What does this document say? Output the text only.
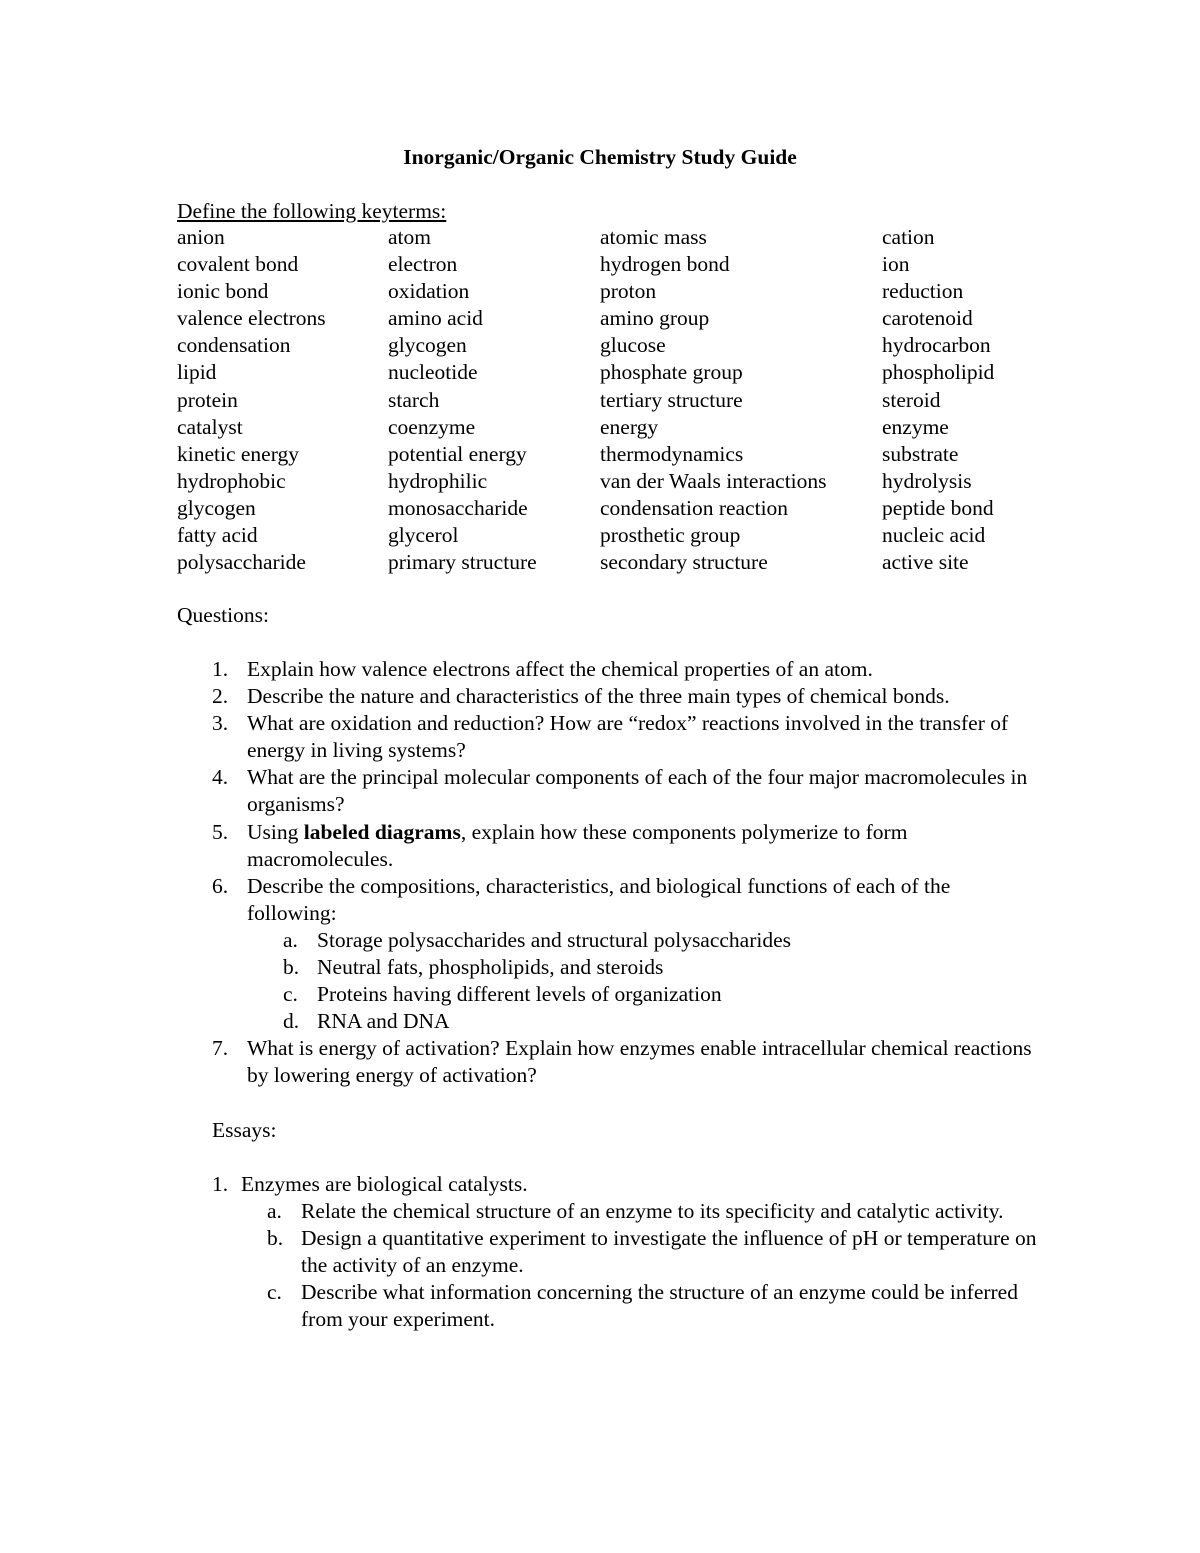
Inorganic/Organic Chemistry Study Guide
Define the following keyterms:
anion	atom	atomic mass	cation
covalent bond	electron	hydrogen bond	ion
ionic bond	oxidation	proton	reduction
valence electrons	amino acid	amino group	carotenoid
condensation	glycogen	glucose	hydrocarbon
lipid	nucleotide	phosphate group	phospholipid
protein	starch	tertiary structure	steroid
catalyst	coenzyme	energy	enzyme
kinetic energy	potential energy	thermodynamics	substrate
hydrophobic	hydrophilic	van der Waals interactions	hydrolysis
glycogen	monosaccharide	condensation reaction	peptide bond
fatty acid	glycerol	prosthetic group	nucleic acid
polysaccharide	primary structure	secondary structure	active site
Questions:
1. Explain how valence electrons affect the chemical properties of an atom.
2. Describe the nature and characteristics of the three main types of chemical bonds.
3. What are oxidation and reduction? How are “redox” reactions involved in the transfer of energy in living systems?
4. What are the principal molecular components of each of the four major macromolecules in organisms?
5. Using labeled diagrams, explain how these components polymerize to form macromolecules.
6. Describe the compositions, characteristics, and biological functions of each of the following:
a. Storage polysaccharides and structural polysaccharides
b. Neutral fats, phospholipids, and steroids
c. Proteins having different levels of organization
d. RNA and DNA
7. What is energy of activation? Explain how enzymes enable intracellular chemical reactions by lowering energy of activation?
Essays:
1. Enzymes are biological catalysts.
a. Relate the chemical structure of an enzyme to its specificity and catalytic activity.
b. Design a quantitative experiment to investigate the influence of pH or temperature on the activity of an enzyme.
c. Describe what information concerning the structure of an enzyme could be inferred from your experiment.
